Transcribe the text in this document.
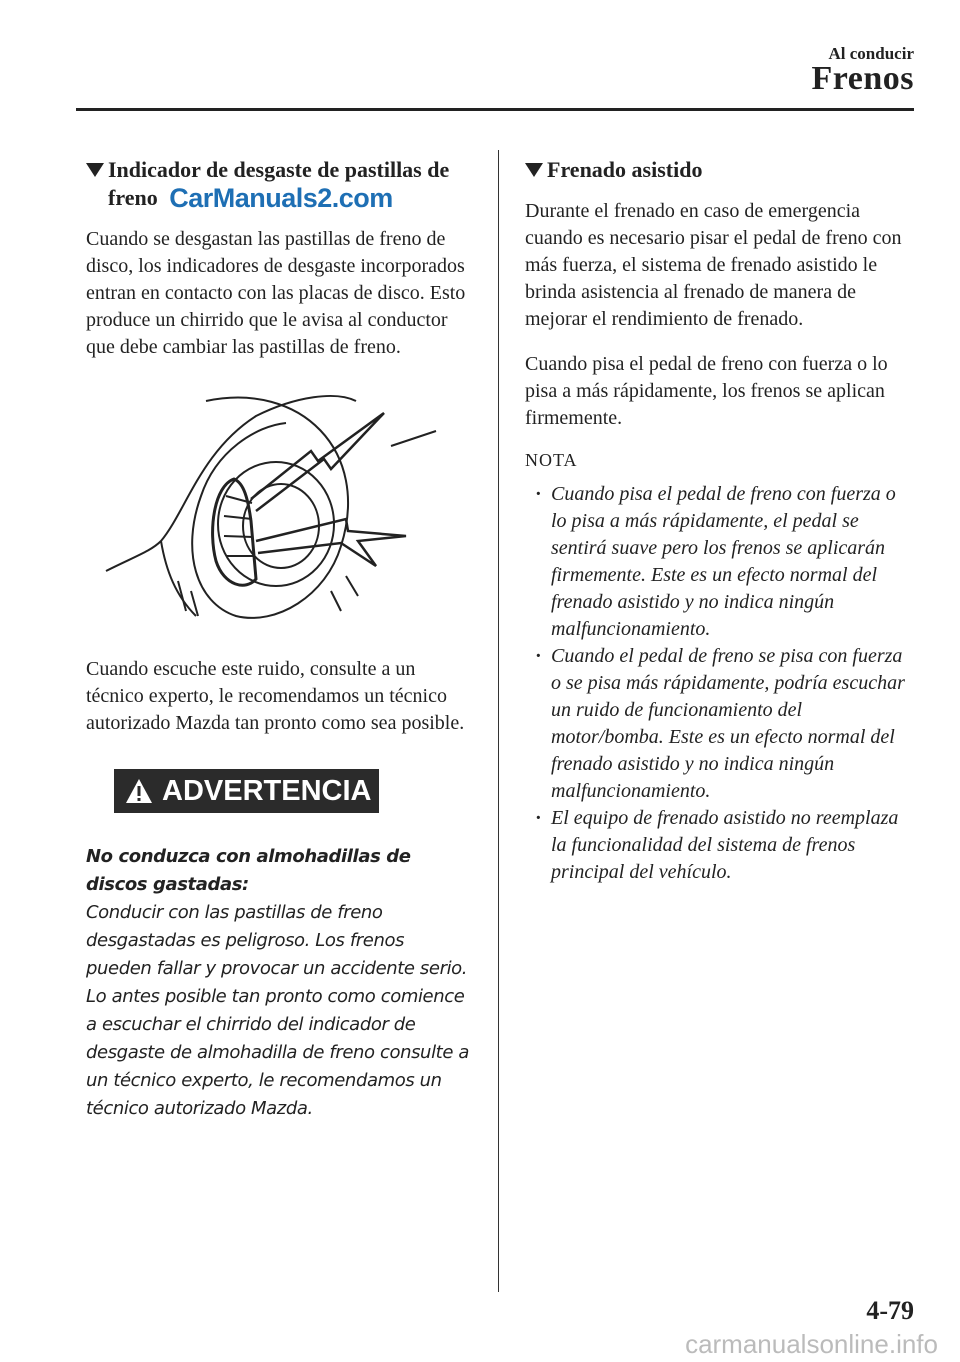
Al conducir
Frenos
Indicador de desgaste de pastillas de
freno CarManuals2.com

Cuando se desgastan las pastillas de freno de disco, los indicadores de desgaste incorporados entran en contacto con las placas de disco. Esto produce un chirrido que le avisa al conductor que debe cambiar las pastillas de freno.

Cuando escuche este ruido, consulte a un técnico experto, le recomendamos un técnico autorizado Mazda tan pronto como sea posible.

ADVERTENCIA
No conduzca con almohadillas de discos gastadas:
Conducir con las pastillas de freno desgastadas es peligroso. Los frenos pueden fallar y provocar un accidente serio. Lo antes posible tan pronto como comience a escuchar el chirrido del indicador de desgaste de almohadilla de freno consulte a un técnico experto, le recomendamos un técnico autorizado Mazda.
Frenado asistido

Durante el frenado en caso de emergencia cuando es necesario pisar el pedal de freno con más fuerza, el sistema de frenado asistido le brinda asistencia al frenado de manera de mejorar el rendimiento de frenado.

Cuando pisa el pedal de freno con fuerza o lo pisa a más rápidamente, los frenos se aplican firmemente.

NOTA
· Cuando pisa el pedal de freno con fuerza o lo pisa a más rápidamente, el pedal se sentirá suave pero los frenos se aplicarán firmemente. Este es un efecto normal del frenado asistido y no indica ningún malfuncionamiento.
· Cuando el pedal de freno se pisa con fuerza o se pisa más rápidamente, podría escuchar un ruido de funcionamiento del motor/bomba. Este es un efecto normal del frenado asistido y no indica ningún malfuncionamiento.
· El equipo de frenado asistido no reemplaza la funcionalidad del sistema de frenos principal del vehículo.
4-79
carmanualsonline.info
